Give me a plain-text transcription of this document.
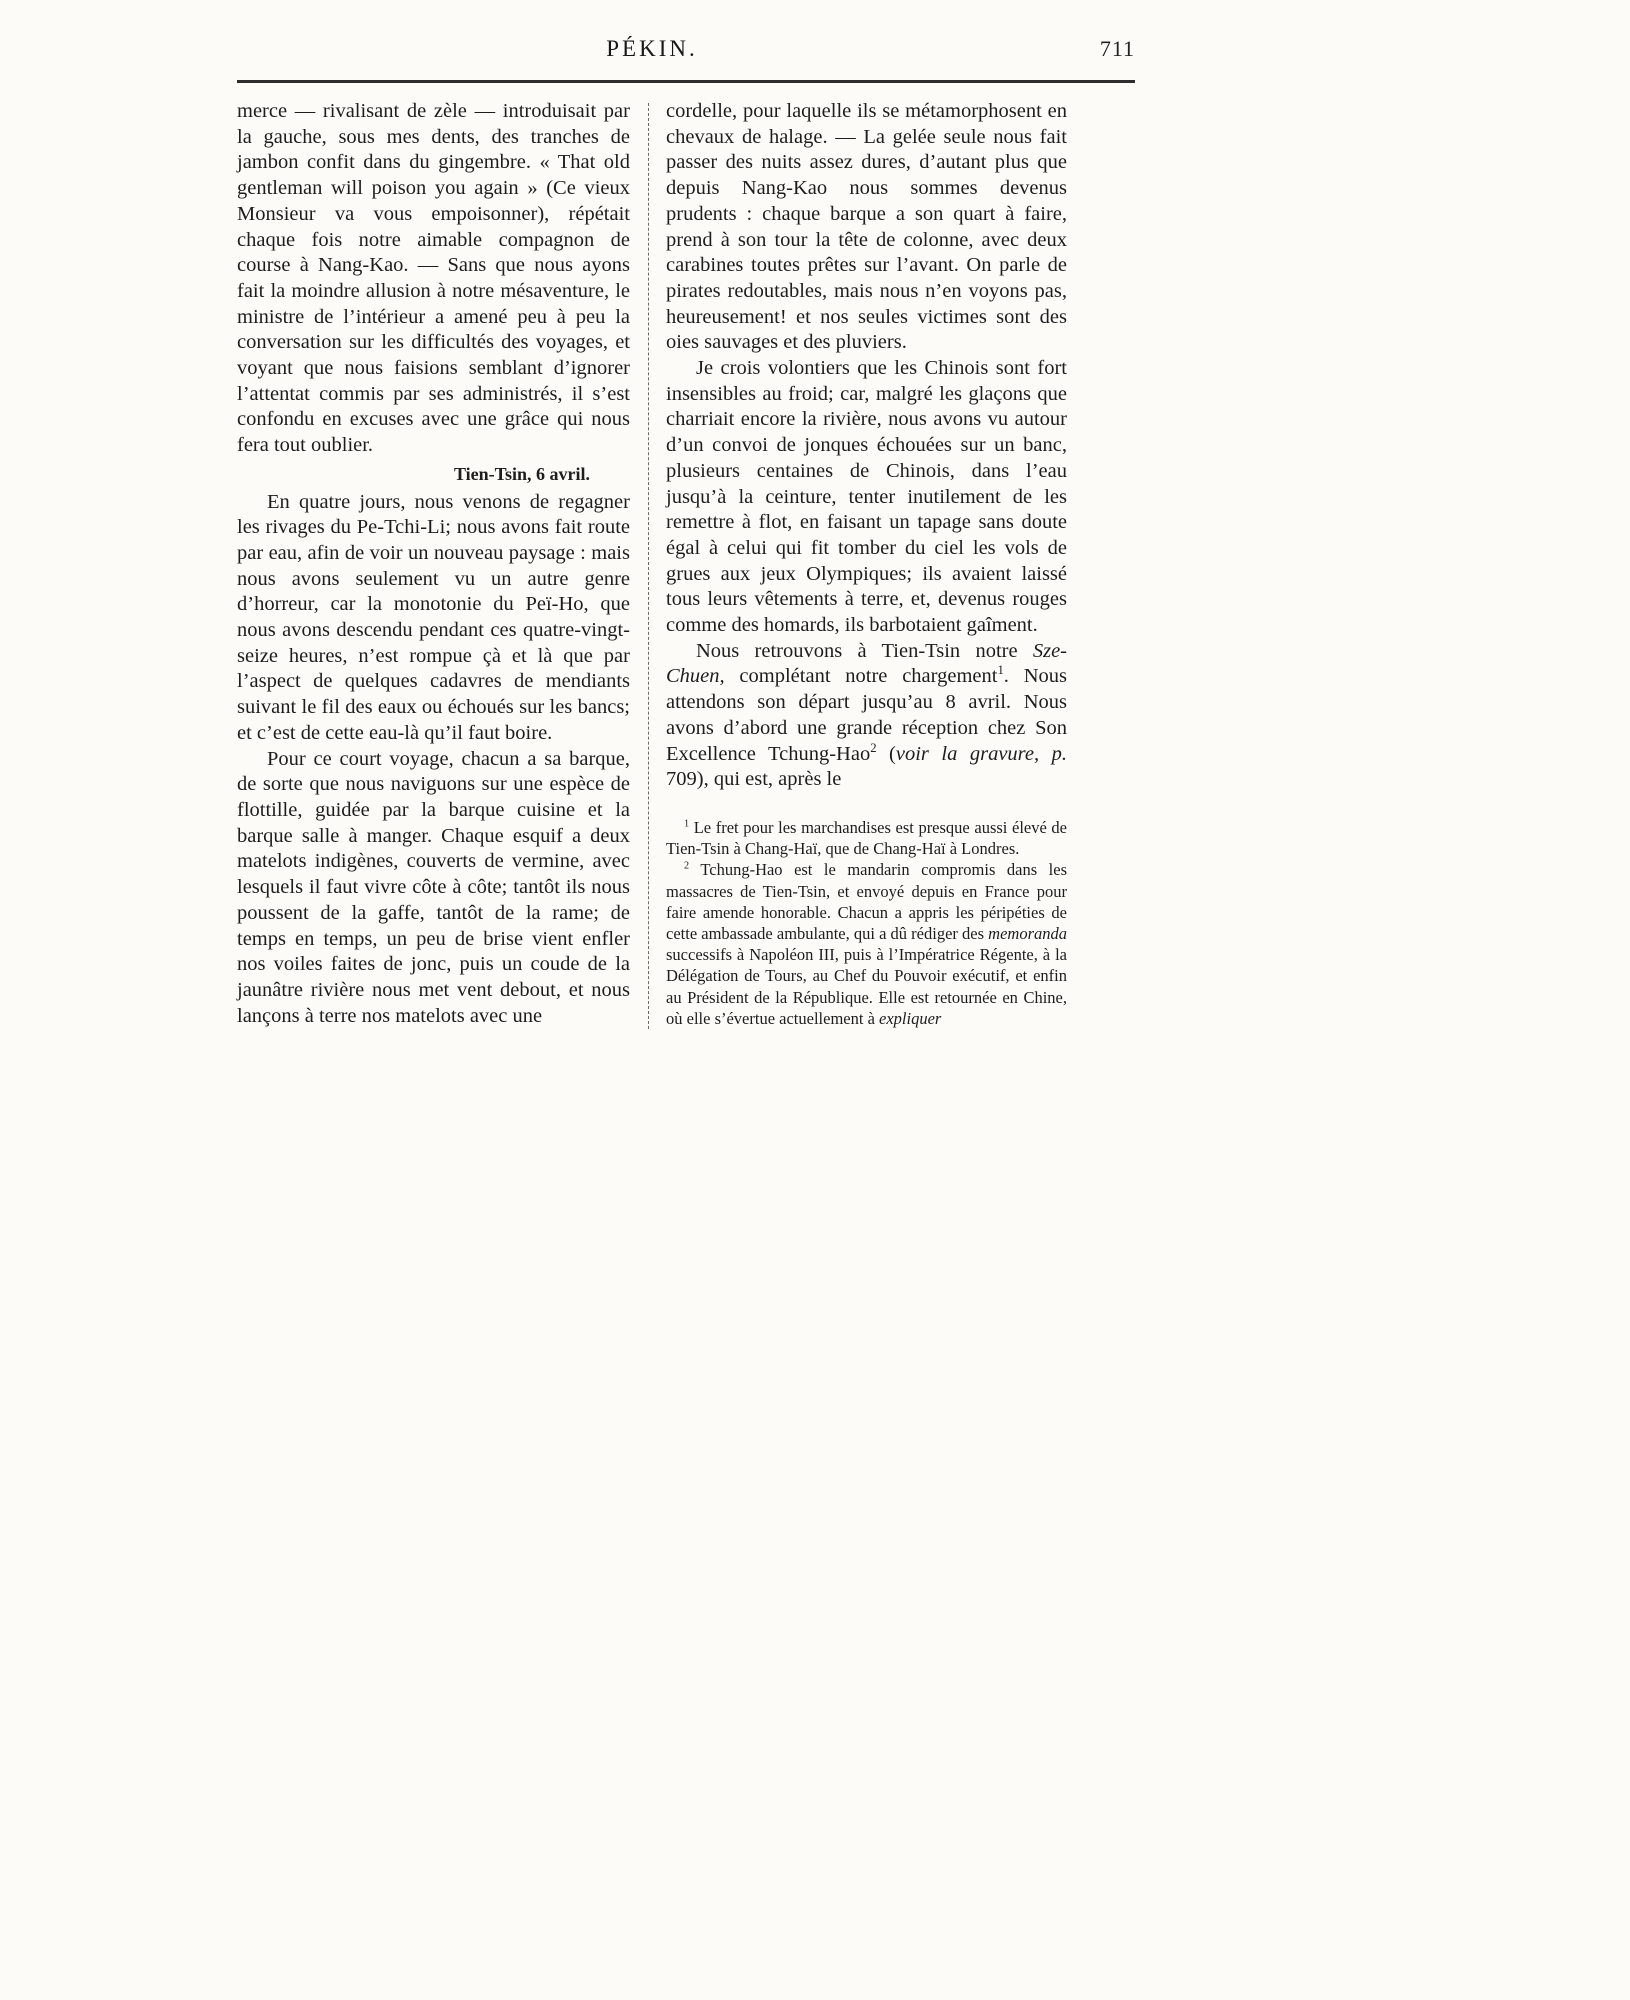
PÉKIN.	711

merce — rivalisant de zèle — introduisait par la gauche, sous mes dents, des tranches de jambon confit dans du gingembre. « That old gentleman will poison you again » (Ce vieux Monsieur va vous empoisonner), répétait chaque fois notre aimable compagnon de course à Nang-Kao. — Sans que nous ayons fait la moindre allusion à notre mésaventure, le ministre de l’intérieur a amené peu à peu la conversation sur les difficultés des voyages, et voyant que nous faisions semblant d’ignorer l’attentat commis par ses administrés, il s’est confondu en excuses avec une grâce qui nous fera tout oublier.

Tien-Tsin, 6 avril.

En quatre jours, nous venons de regagner les rivages du Pe-Tchi-Li; nous avons fait route par eau, afin de voir un nouveau paysage : mais nous avons seulement vu un autre genre d’horreur, car la monotonie du Peï-Ho, que nous avons descendu pendant ces quatre-vingt-seize heures, n’est rompue çà et là que par l’aspect de quelques cadavres de mendiants suivant le fil des eaux ou échoués sur les bancs; et c’est de cette eau-là qu’il faut boire.

Pour ce court voyage, chacun a sa barque, de sorte que nous naviguons sur une espèce de flottille, guidée par la barque cuisine et la barque salle à manger. Chaque esquif a deux matelots indigènes, couverts de vermine, avec lesquels il faut vivre côte à côte; tantôt ils nous poussent de la gaffe, tantôt de la rame; de temps en temps, un peu de brise vient enfler nos voiles faites de jonc, puis un coude de la jaunâtre rivière nous met vent debout, et nous lançons à terre nos matelots avec une

cordelle, pour laquelle ils se métamorphosent en chevaux de halage. — La gelée seule nous fait passer des nuits assez dures, d’autant plus que depuis Nang-Kao nous sommes devenus prudents : chaque barque a son quart à faire, prend à son tour la tête de colonne, avec deux carabines toutes prêtes sur l’avant. On parle de pirates redoutables, mais nous n’en voyons pas, heureusement! et nos seules victimes sont des oies sauvages et des pluviers.

Je crois volontiers que les Chinois sont fort insensibles au froid; car, malgré les glaçons que charriait encore la rivière, nous avons vu autour d’un convoi de jonques échouées sur un banc, plusieurs centaines de Chinois, dans l’eau jusqu’à la ceinture, tenter inutilement de les remettre à flot, en faisant un tapage sans doute égal à celui qui fit tomber du ciel les vols de grues aux jeux Olympiques; ils avaient laissé tous leurs vêtements à terre, et, devenus rouges comme des homards, ils barbotaient gaîment.

Nous retrouvons à Tien-Tsin notre Sze-Chuen, complétant notre chargement$^1$. Nous attendons son départ jusqu’au 8 avril. Nous avons d’abord une grande réception chez Son Excellence Tchung-Hao$^2$ (voir la gravure, p. 709), qui est, après le

$^1$ Le fret pour les marchandises est presque aussi élevé de Tien-Tsin à Chang-Haï, que de Chang-Haï à Londres.

$^2$ Tchung-Hao est le mandarin compromis dans les massacres de Tien-Tsin, et envoyé depuis en France pour faire amende honorable. Chacun a appris les péripéties de cette ambassade ambulante, qui a dû rédiger des memoranda successifs à Napoléon III, puis à l’Impératrice Régente, à la Délégation de Tours, au Chef du Pouvoir exécutif, et enfin au Président de la République. Elle est retournée en Chine, où elle s’évertue actuellement à expliquer
